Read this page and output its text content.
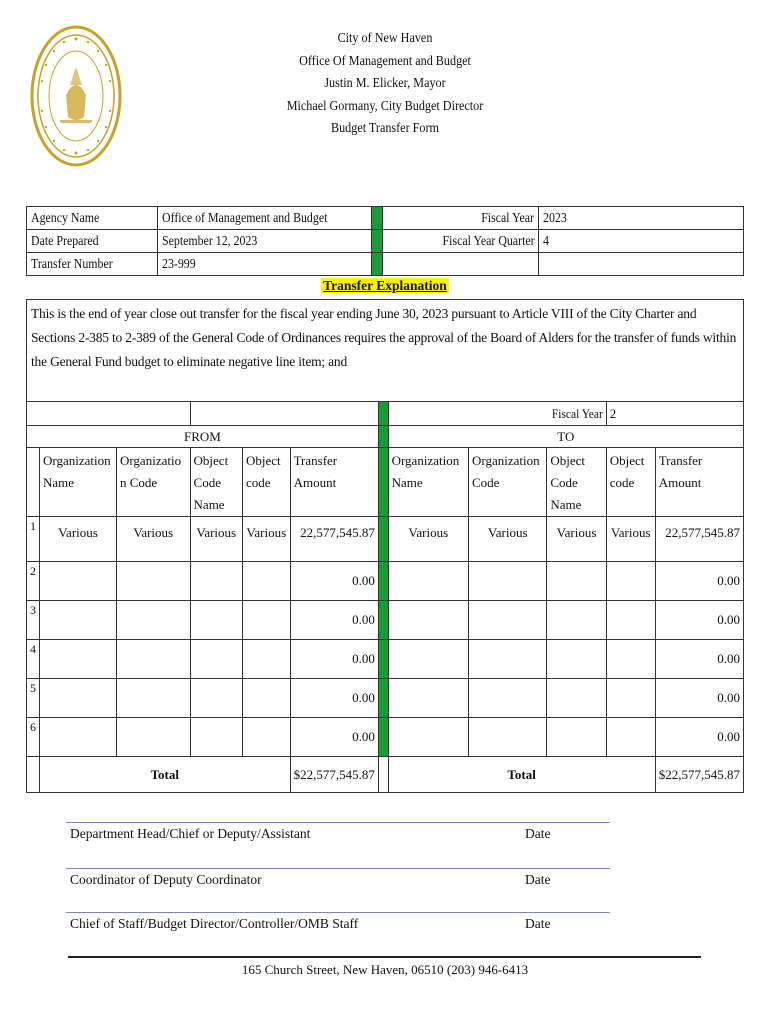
City of New Haven
Office Of Management and Budget
Justin M. Elicker, Mayor
Michael Gormany, City Budget Director
Budget Transfer Form
Agency Name	Office of Management and Budget		Fiscal Year	2023
Date Prepared	September 12, 2023		Fiscal Year Quarter	4
Transfer Number	23-999			
Transfer Explanation
This is the end of year close out transfer for the fiscal year ending June 30, 2023 pursuant to Article VIII of the City Charter and Sections 2-385 to 2-389 of the General Code of Ordinances requires the approval of the Board of Alders for the transfer of funds within the General Fund budget to eliminate negative line item; and
							Fiscal Year			2	
FROM							TO				
	Organization Name	Organizatio n Code	Object Code Name	Object code	Transfer Amount		Organization Name	Organization Code	Object Code Name	Object code	Transfer Amount
1	Various	Various	Various	Various	22,577,545.87		Various	Various	Various	Various	22,577,545.87
2					0.00						0.00
3					0.00						0.00
4					0.00						0.00
5					0.00						0.00
6					0.00						0.00
	Total				$22,577,545.87		Total				$22,577,545.87
Department Head/Chief or Deputy/Assistant	Date
Coordinator of Deputy Coordinator	Date
Chief of Staff/Budget Director/Controller/OMB Staff	Date
165 Church Street, New Haven, 06510 (203) 946-6413
